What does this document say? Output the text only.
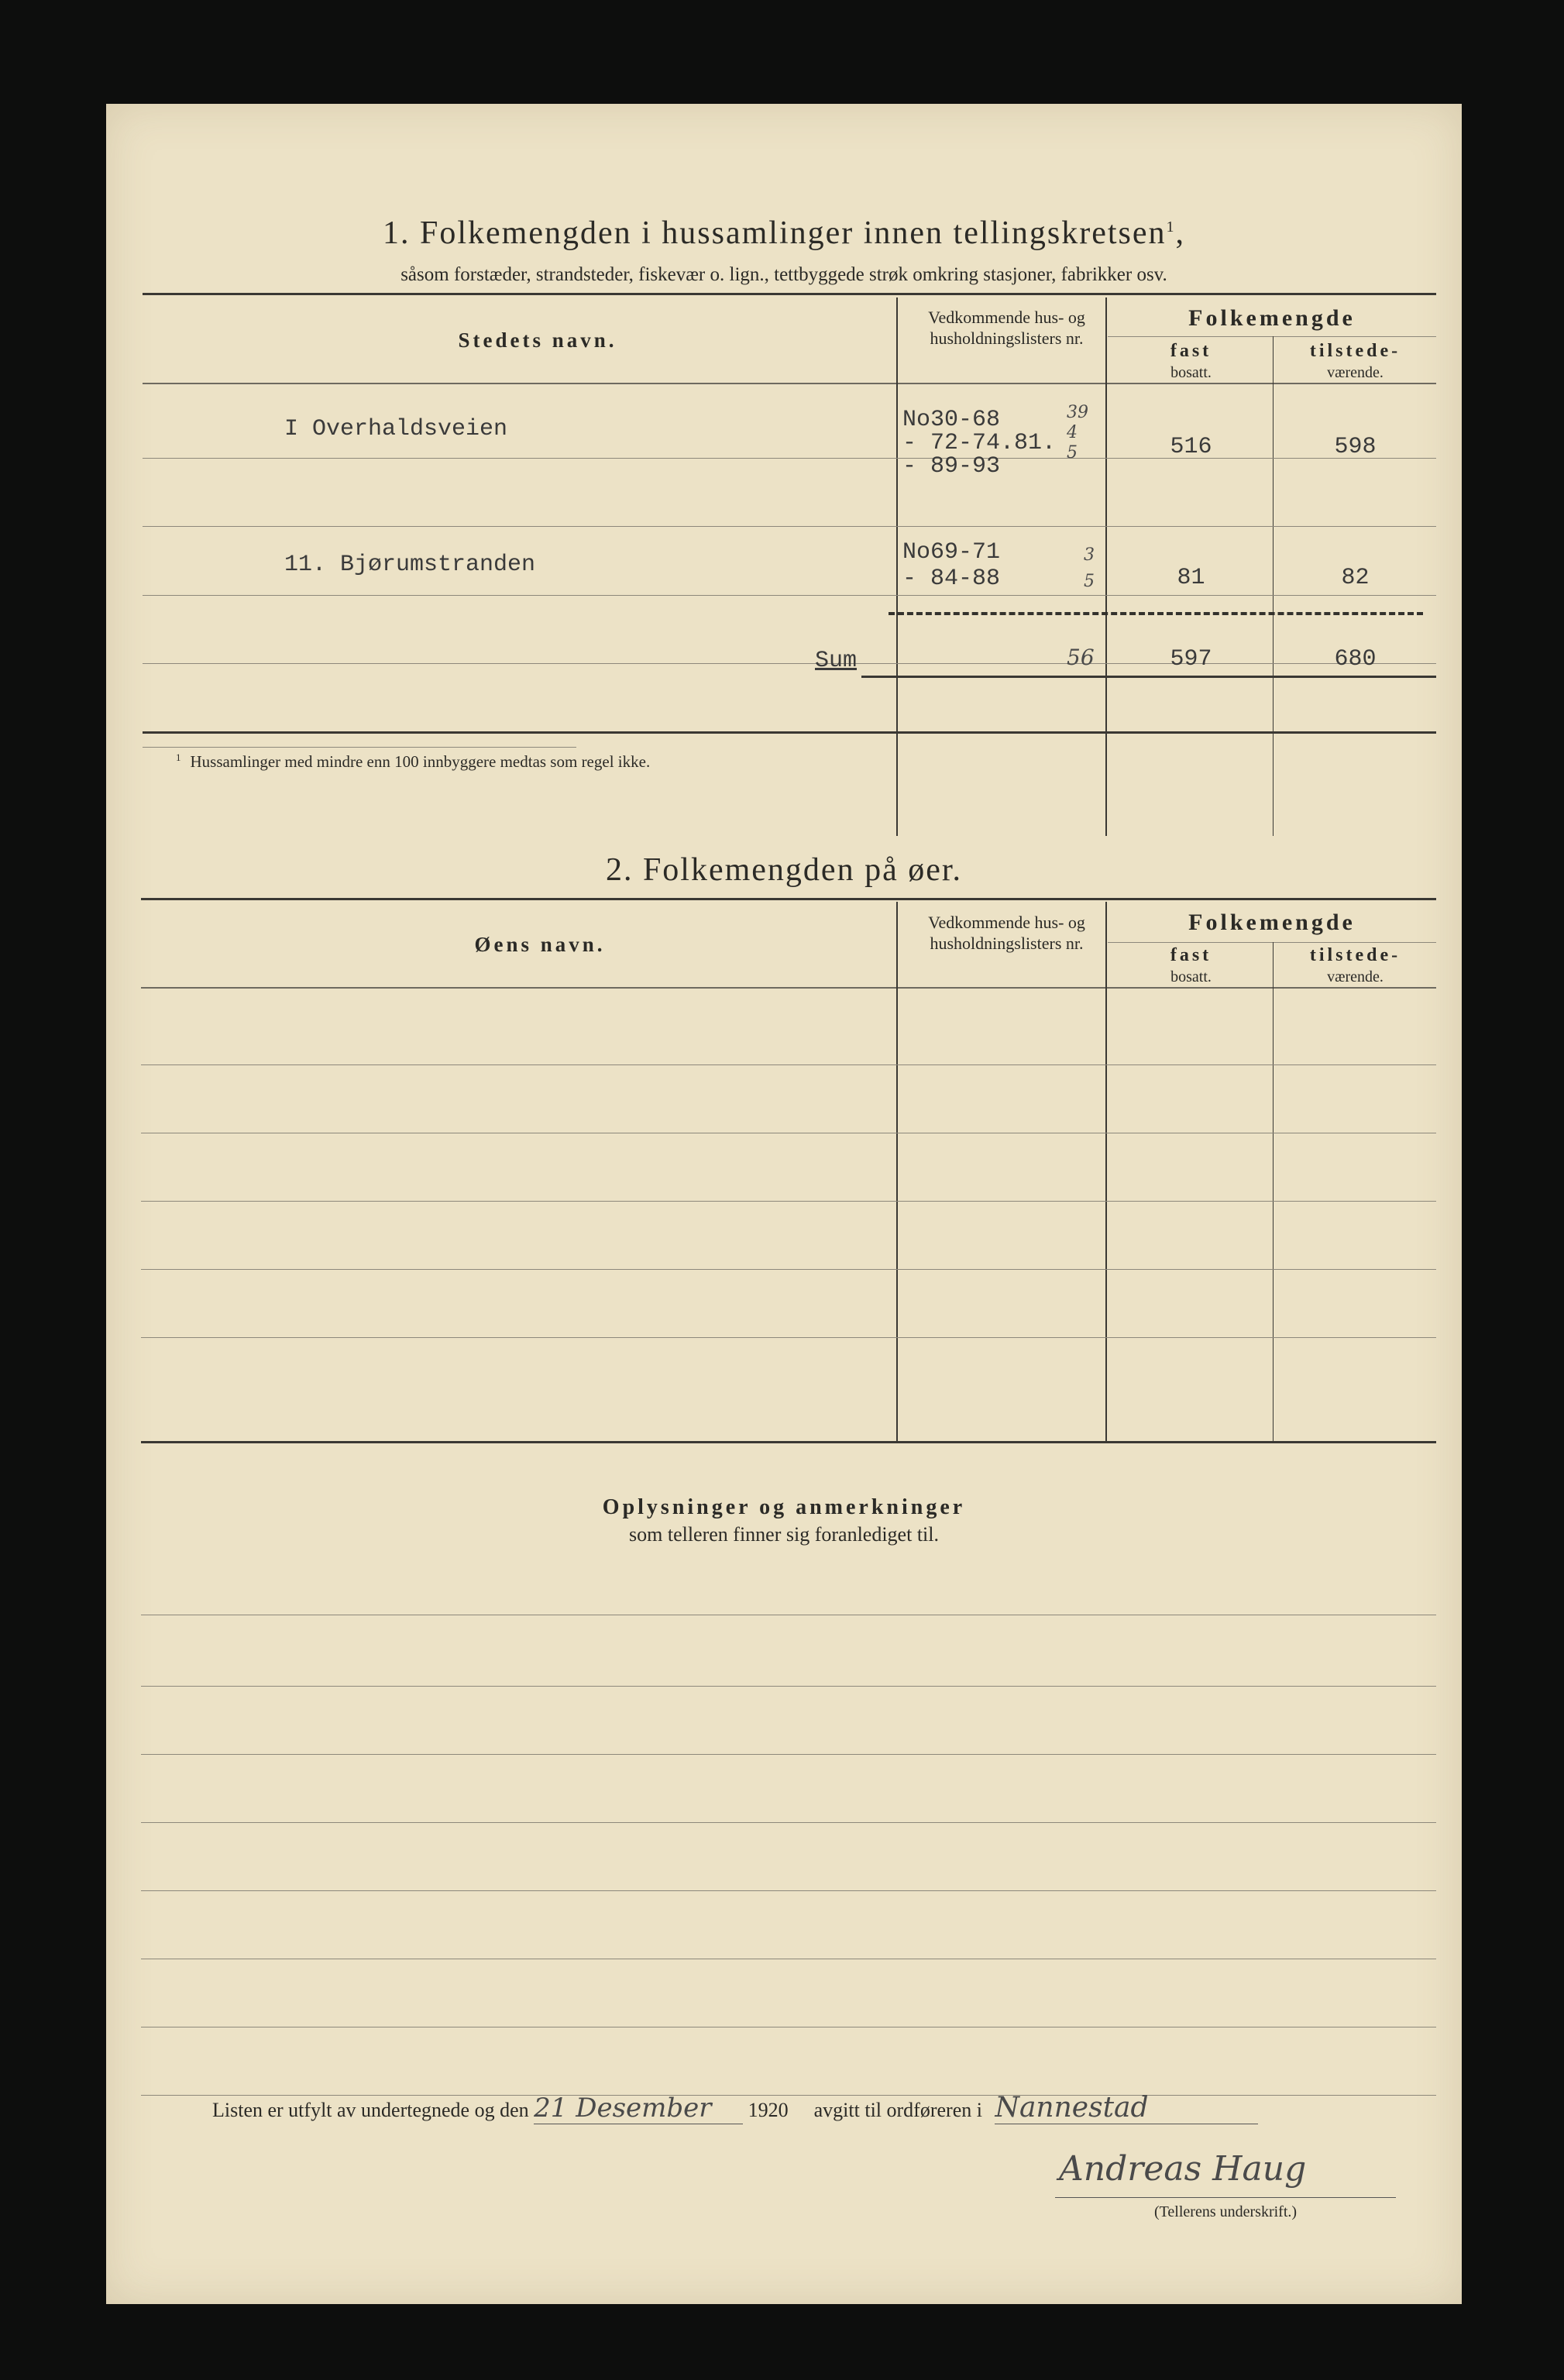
1. Folkemengden i hussamlinger innen tellingskretsen$^1$,
såsom forstæder, strandsteder, fiskevær o. lign., tettbyggede strøk omkring stasjoner, fabrikker osv.
Stedets navn.
Vedkommende hus- og husholdningslisters nr.
Folkemengde
fast
bosatt.
tilstede-
værende.
I Overhaldsveien	No30-68
- 72-74.81.
- 89-93
39
4
5	516	598
11. Bjørumstranden	No69-71
- 84-88
3
5	81	82
Sum	56	597	680
$^1$ Hussamlinger med mindre enn 100 innbyggere medtas som regel ikke.
2. Folkemengden på øer.
Øens navn.
Vedkommende hus- og husholdningslisters nr.
Folkemengde
fast
bosatt.
tilstede-
værende.
Oplysninger og anmerkninger
som telleren finner sig foranlediget til.
Listen er utfylt av undertegnede og den 21 Desember 1920 avgitt til ordføreren i Nannestad
Andreas Haug
(Tellerens underskrift.)
